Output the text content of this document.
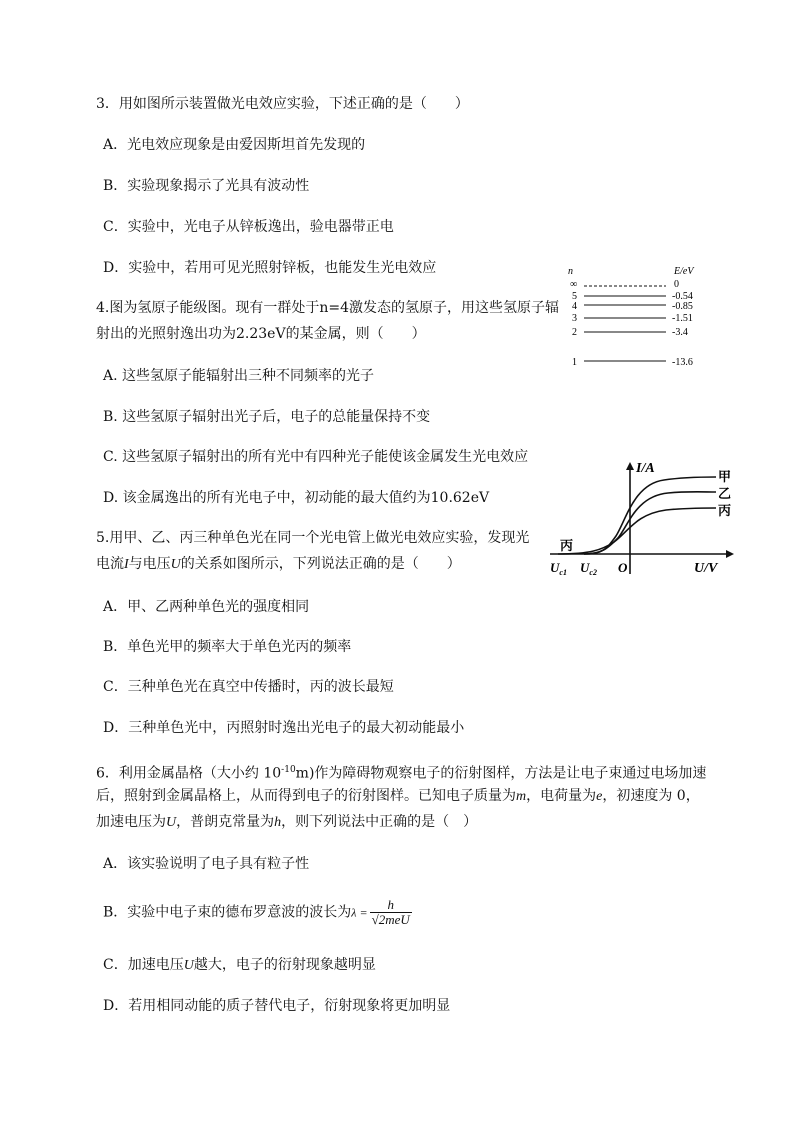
3．用如图所示装置做光电效应实验，下述正确的是（　　）
A．光电效应现象是由爱因斯坦首先发现的
B．实验现象揭示了光具有波动性
C．实验中，光电子从锌板逸出，验电器带正电
D．实验中，若用可见光照射锌板，也能发生光电效应
4.图为氢原子能级图。现有一群处于n=4激发态的氢原子，用这些氢原子辐
射出的光照射逸出功为2.23eV的某金属，则（　　）
A. 这些氢原子能辐射出三种不同频率的光子
B. 这些氢原子辐射出光子后，电子的总能量保持不变
C. 这些氢原子辐射出的所有光中有四种光子能使该金属发生光电效应
D. 该金属逸出的所有光电子中，初动能的最大值约为10.62eV
n	E/eV
∞	0
5	-0.54
4	-0.85
3	-1.51
2	-3.4
1	-13.6
5.用甲、乙、丙三种单色光在同一个光电管上做光电效应实验，发现光
电流I与电压U的关系如图所示，下列说法正确的是（　　）
A．甲、乙两种单色光的强度相同
B．单色光甲的频率大于单色光丙的频率
C．三种单色光在真空中传播时，丙的波长最短
D．三种单色光中，丙照射时逸出光电子的最大初动能最小
I/A
U/V
O
$U_{c1}$ $U_{c2}$
甲
乙
丙
丙
6．利用金属晶格（大小约 $10^{-10}m$)作为障碍物观察电子的衍射图样，方法是让电子束通过电场加速
后，照射到金属晶格上，从而得到电子的衍射图样。已知电子质量为m，电荷量为e，初速度为 0，
加速电压为U，普朗克常量为h，则下列说法中正确的是（　）
A．该实验说明了电子具有粒子性
B．实验中电子束的德布罗意波的波长为$\lambda = \frac{h}{\text{√2meU}}$
C．加速电压U越大，电子的衍射现象越明显
D．若用相同动能的质子替代电子，衍射现象将更加明显
